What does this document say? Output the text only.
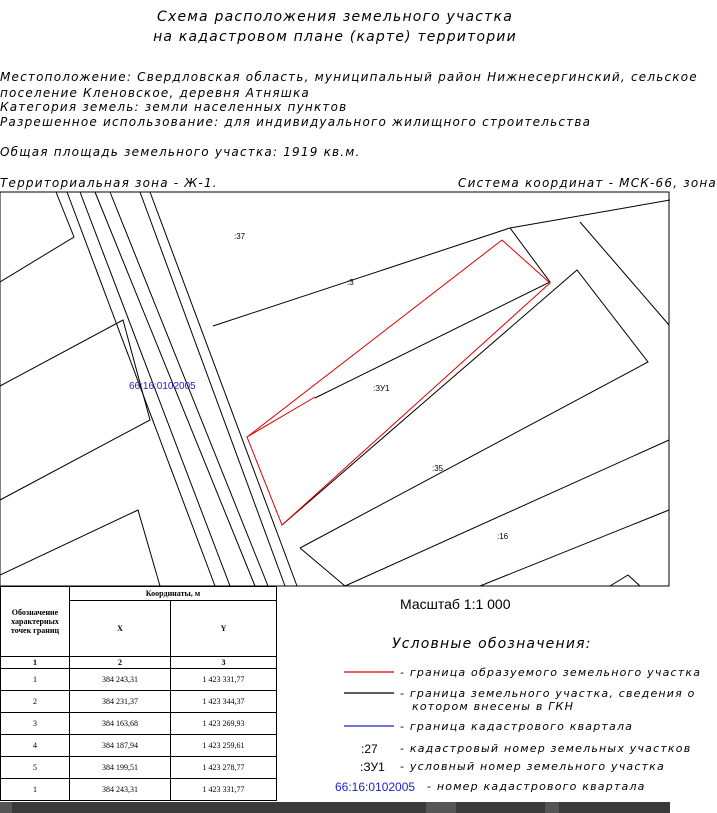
Схема расположения земельного участка
на кадастровом плане (карте) территории
Местоположение: Свердловская область, муниципальный район Нижнесергинский, сельское
поселение Кленовское, деревня Атняшка
Категория земель: земли населенных пунктов
Разрешенное использование: для индивидуального жилищного строительства
Общая площадь земельного участка: 1919 кв.м.
Территориальная зона - Ж-1.	Система координат - МСК-66, зона
:37
:3
:ЗУ1
:35
:16
66:16:0102005
Обозначение характерных точек границ	Координаты, м	
	X	Y
1	2	3
1	384 243,31	1 423 331,77
2	384 231,37	1 423 344,37
3	384 163,68	1 423 269,93
4	384 187,94	1 423 259,61
5	384 199,51	1 423 278,77
1	384 243,31	1 423 331,77
Масштаб 1:1 000
Условные обозначения:
- граница образуемого земельного участка
- граница земельного участка, сведения о
котором внесены в ГКН
- граница кадастрового квартала
:27 - кадастровый номер земельных участков
:ЗУ1 - условный номер земельного участка
66:16:0102005 - номер кадастрового квартала
